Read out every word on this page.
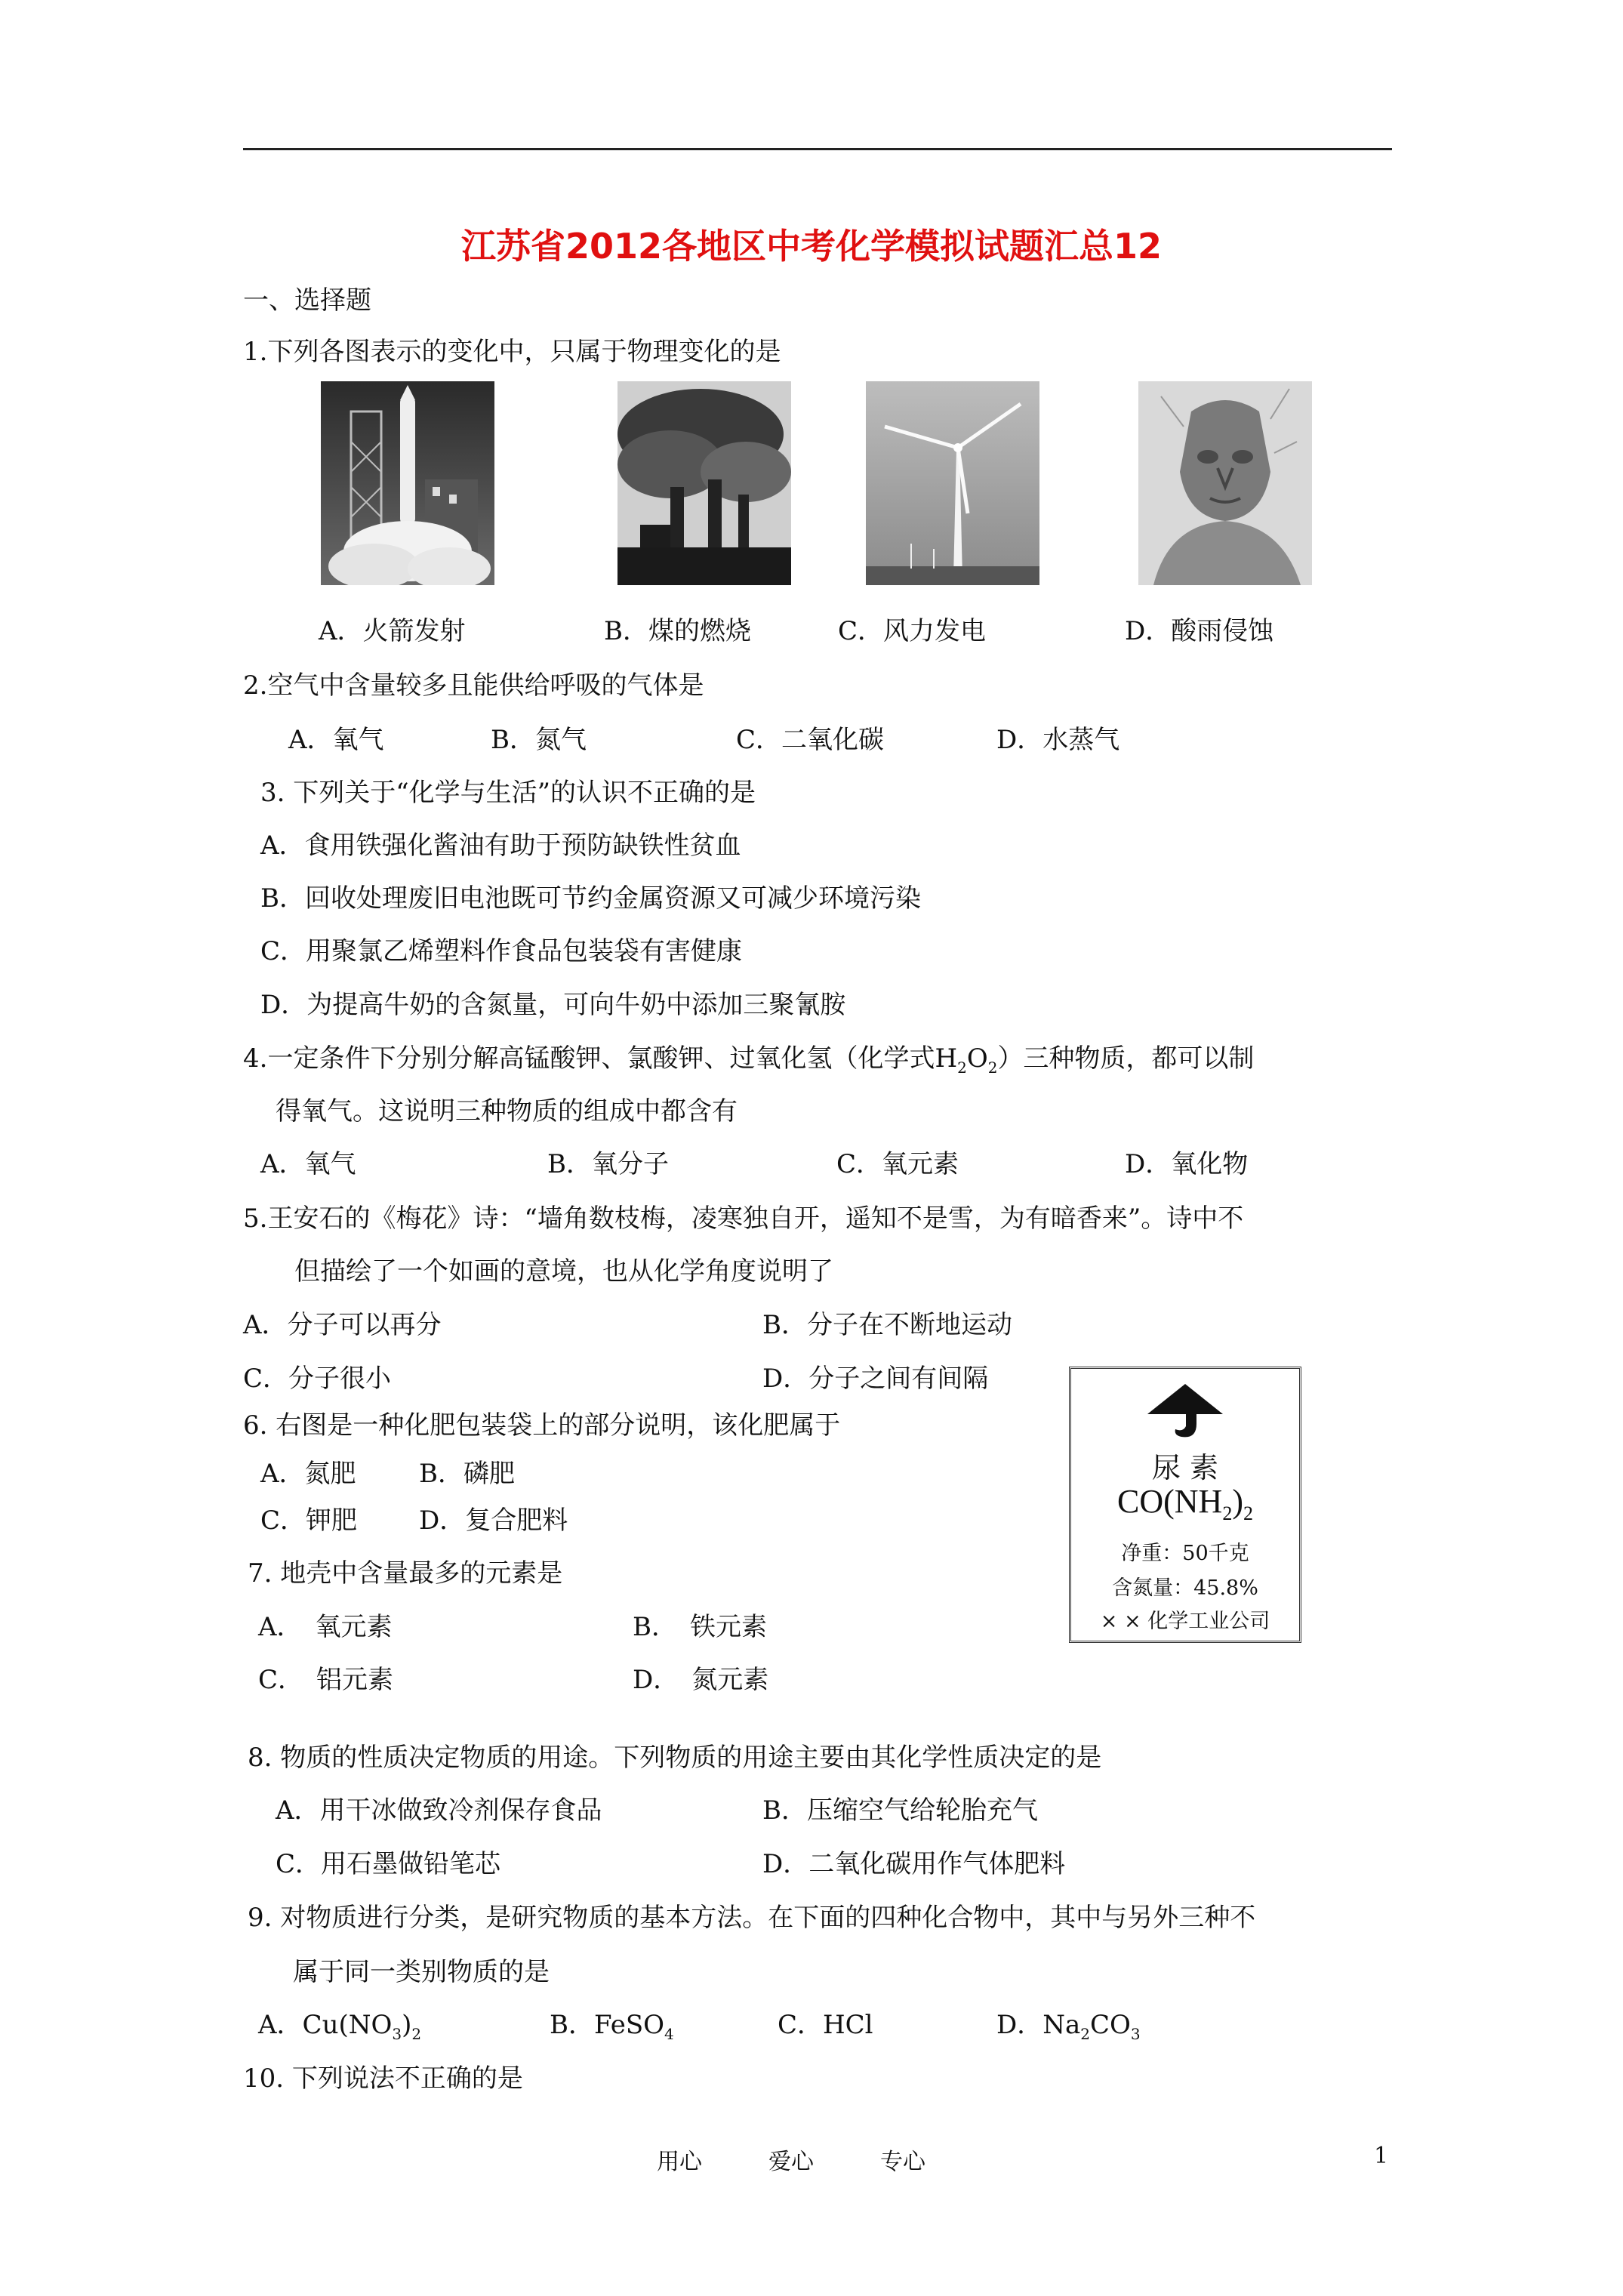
江苏省2012各地区中考化学模拟试题汇总12
一、选择题
1.下列各图表示的变化中，只属于物理变化的是
A．火箭发射	B．煤的燃烧	C．风力发电	D．酸雨侵蚀
2.空气中含量较多且能供给呼吸的气体是
A．氧气	B．氮气	C．二氧化碳	D．水蒸气
3. 下列关于“化学与生活”的认识不正确的是
A．食用铁强化酱油有助于预防缺铁性贫血
B．回收处理废旧电池既可节约金属资源又可减少环境污染
C．用聚氯乙烯塑料作食品包装袋有害健康
D．为提高牛奶的含氮量，可向牛奶中添加三聚氰胺
4.一定条件下分别分解高锰酸钾、氯酸钾、过氧化氢（化学式$H_2O_2$）三种物质，都可以制
得氧气。这说明三种物质的组成中都含有
A．氧气	B．氧分子	C．氧元素	D．氧化物
5.王安石的《梅花》诗：“墙角数枝梅，凌寒独自开，遥知不是雪，为有暗香来”。诗中不
但描绘了一个如画的意境，也从化学角度说明了
A．分子可以再分	B．分子在不断地运动
C．分子很小	D．分子之间有间隔
6. 右图是一种化肥包装袋上的部分说明，该化肥属于
A．氮肥 B．磷肥
C．钾肥 D．复合肥料
尿 素
$CO(NH_2)_2$
净重：50千克
含氮量：45.8%
× × 化学工业公司
7. 地壳中含量最多的元素是
A．　氧元素	B．　铁元素
C．　铝元素	D．　氮元素
8. 物质的性质决定物质的用途。下列物质的用途主要由其化学性质决定的是
A．用干冰做致冷剂保存食品	B．压缩空气给轮胎充气
C．用石墨做铅笔芯	D．二氧化碳用作气体肥料
9. 对物质进行分类，是研究物质的基本方法。在下面的四种化合物中，其中与另外三种不
属于同一类别物质的是
A．$Cu(NO_3)_2$	B．FeSO$_4$	C．HCl	D．$Na_2CO_3$
10. 下列说法不正确的是
用心	爱心	专心	1
